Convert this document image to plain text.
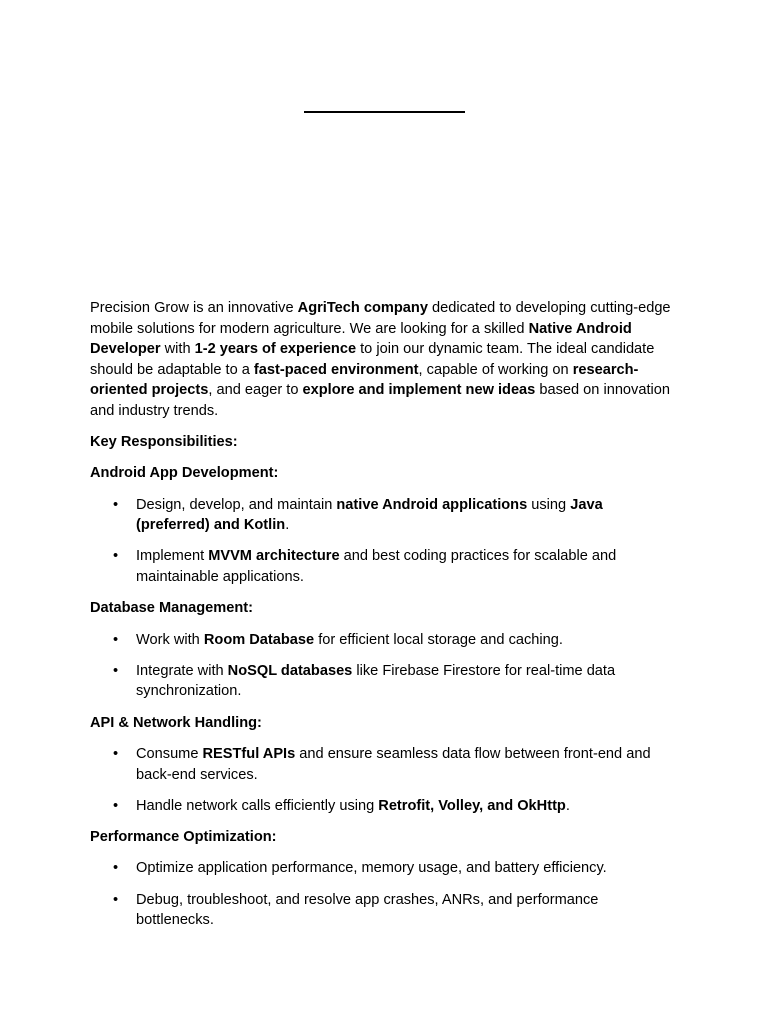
Precision Grow is an innovative AgriTech company dedicated to developing cutting-edge mobile solutions for modern agriculture. We are looking for a skilled Native Android Developer with 1-2 years of experience to join our dynamic team. The ideal candidate should be adaptable to a fast-paced environment, capable of working on research-oriented projects, and eager to explore and implement new ideas based on innovation and industry trends.

Key Responsibilities:

Android App Development:

• Design, develop, and maintain native Android applications using Java (preferred) and Kotlin.
• Implement MVVM architecture and best coding practices for scalable and maintainable applications.

Database Management:

• Work with Room Database for efficient local storage and caching.
• Integrate with NoSQL databases like Firebase Firestore for real-time data synchronization.

API & Network Handling:

• Consume RESTful APIs and ensure seamless data flow between front-end and back-end services.
• Handle network calls efficiently using Retrofit, Volley, and OkHttp.

Performance Optimization:

• Optimize application performance, memory usage, and battery efficiency.
• Debug, troubleshoot, and resolve app crashes, ANRs, and performance bottlenecks.
